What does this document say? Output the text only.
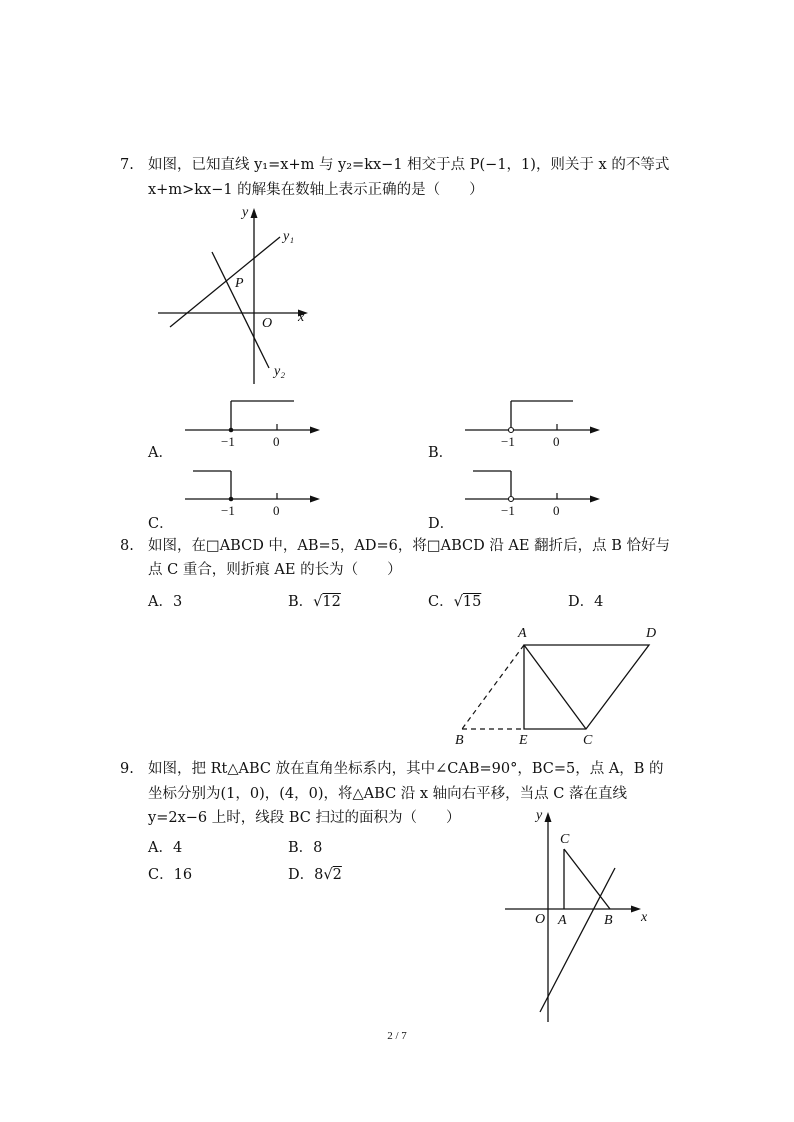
7. 如图，已知直线 y₁=x+m 与 y₂=kx−1 相交于点 P(−1，1)，则关于 x 的不等式
x+m>kx−1 的解集在数轴上表示正确的是（　　）
y
x
O
P
y₁
y₂
A．
−1	0
B．
−1	0
C．
−1	0
D．
−1	0
8. 如图，在□ABCD 中，AB=5，AD=6，将□ABCD 沿 AE 翻折后，点 B 恰好与
点 C 重合，则折痕 AE 的长为（　　）
A．3	B．√12	C．√15	D．4
A	D
B	E	C
9. 如图，把 Rt△ABC 放在直角坐标系内，其中∠CAB=90°，BC=5，点 A，B 的
坐标分别为(1，0)，(4，0)，将△ABC 沿 x 轴向右平移，当点 C 落在直线
y=2x−6 上时，线段 BC 扫过的面积为（　　）
A．4	B．8
C．16	D．8√2
y
x
O A	B
C
2 / 7
